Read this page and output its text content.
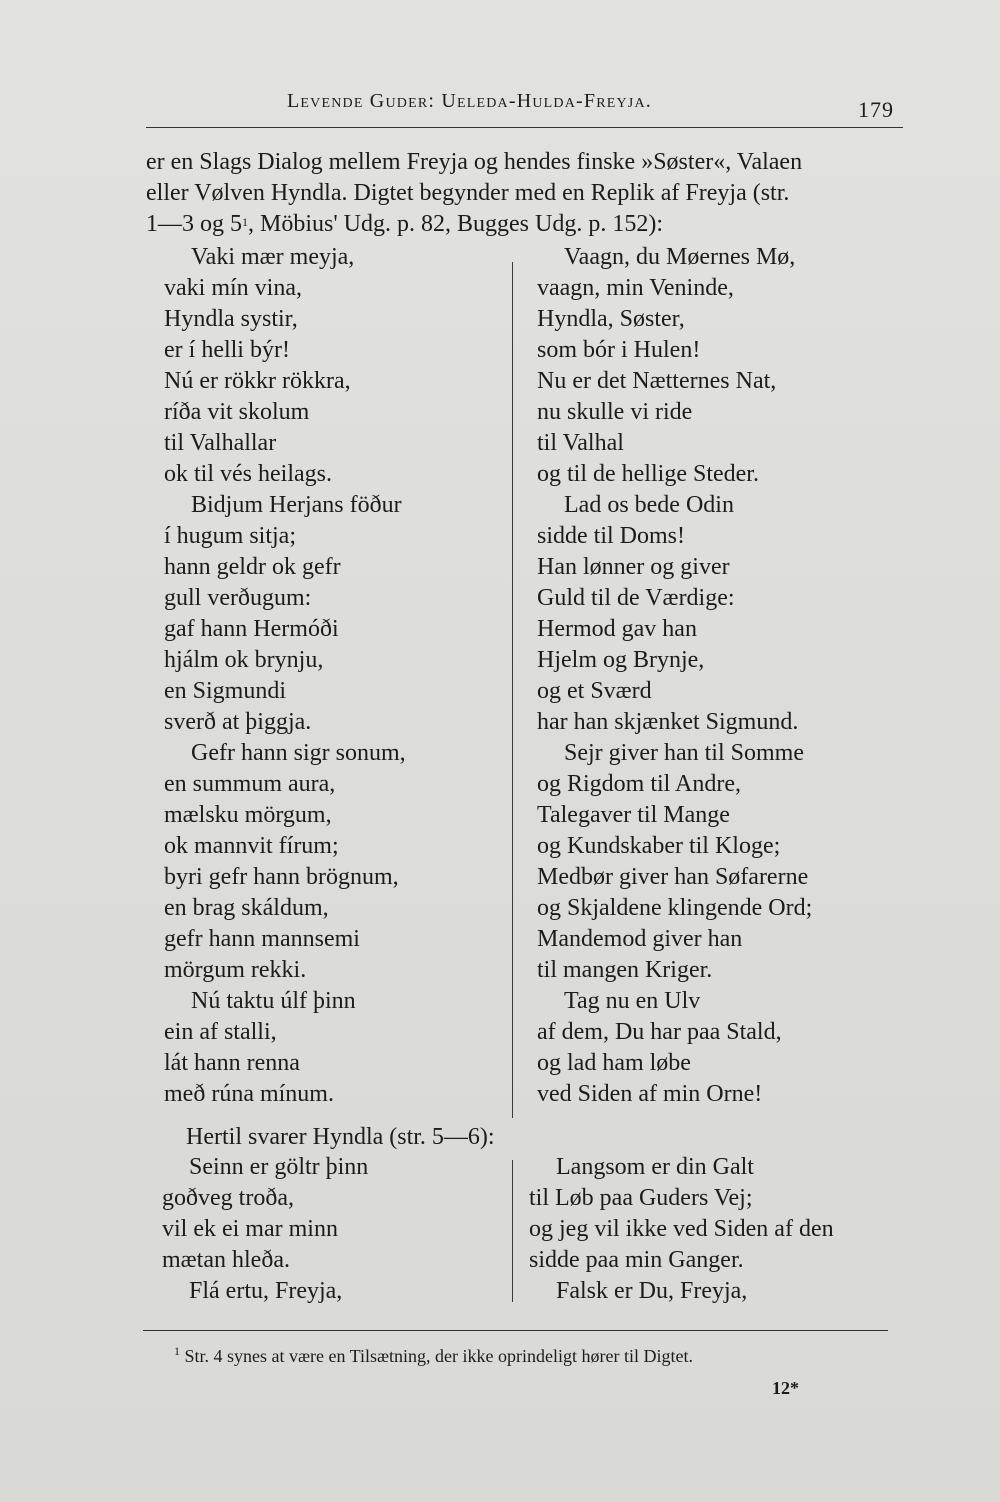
Levende Guder: Ueleda-Hulda-Freyja.	179
er en Slags Dialog mellem Freyja og hendes finske »Søster«, Valaen
eller Vølven Hyndla. Digtet begynder med en Replik af Freyja (str.
1—3 og $5^1$, Möbius' Udg. p. 82, Bugges Udg. p. 152):
Vaki mær meyja,
vaki mín vina,
Hyndla systir,
er í helli býr!
Nú er rökkr rökkra,
ríða vit skolum
til Valhallar
ok til vés heilags.
Bidjum Herjans föður
í hugum sitja;
hann geldr ok gefr
gull verðugum:
gaf hann Hermóði
hjálm ok brynju,
en Sigmundi
sverð at þiggja.
Gefr hann sigr sonum,
en summum aura,
mælsku mörgum,
ok mannvit fírum;
byri gefr hann brögnum,
en brag skáldum,
gefr hann mannsemi
mörgum rekki.
Nú taktu úlf þinn
ein af stalli,
lát hann renna
með rúna mínum.
Vaagn, du Møernes Mø,
vaagn, min Veninde,
Hyndla, Søster,
som bór i Hulen!
Nu er det Nætternes Nat,
nu skulle vi ride
til Valhal
og til de hellige Steder.
Lad os bede Odin
sidde til Doms!
Han lønner og giver
Guld til de Værdige:
Hermod gav han
Hjelm og Brynje,
og et Sværd
har han skjænket Sigmund.
Sejr giver han til Somme
og Rigdom til Andre,
Talegaver til Mange
og Kundskaber til Kloge;
Medbør giver han Søfarerne
og Skjaldene klingende Ord;
Mandemod giver han
til mangen Kriger.
Tag nu en Ulv
af dem, Du har paa Stald,
og lad ham løbe
ved Siden af min Orne!
Hertil svarer Hyndla (str. 5—6):
Seinn er göltr þinn
goðveg troða,
vil ek ei mar minn
mætan hleða.
Flá ertu, Freyja,
Langsom er din Galt
til Løb paa Guders Vej;
og jeg vil ikke ved Siden af den
sidde paa min Ganger.
Falsk er Du, Freyja,
$^1$ Str. 4 synes at være en Tilsætning, der ikke oprindeligt hører til Digtet.
12*
